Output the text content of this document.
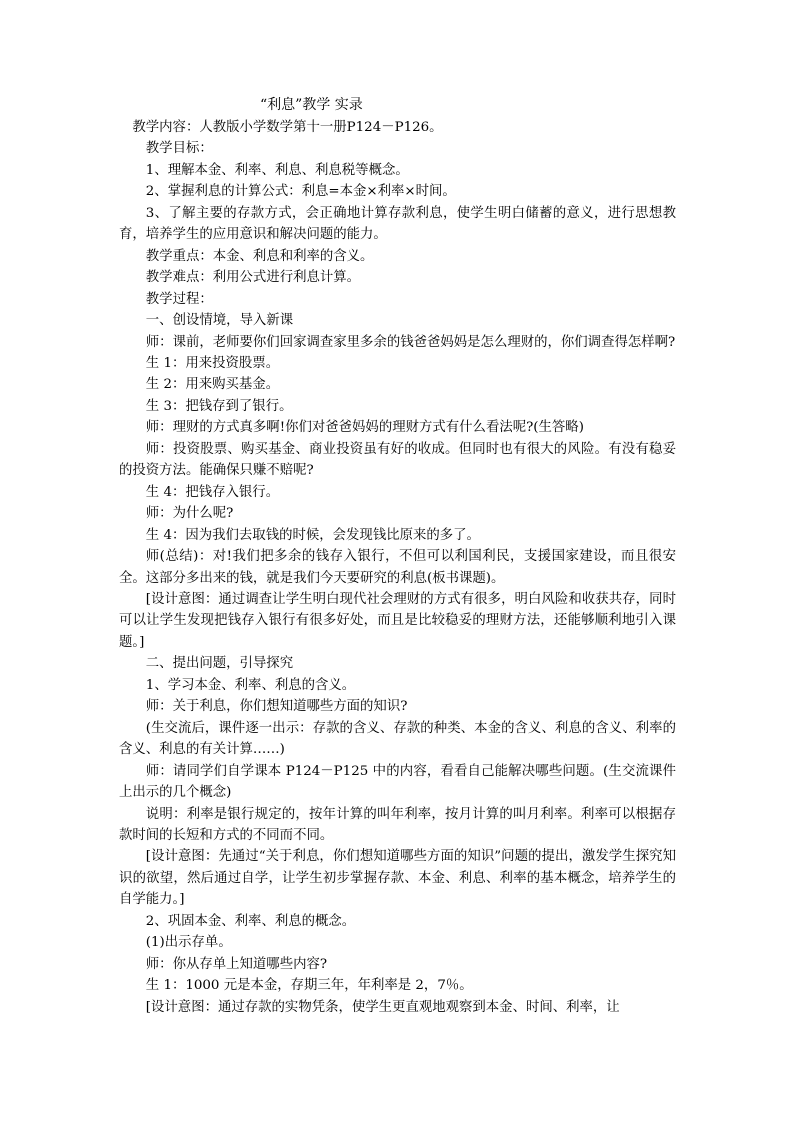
“利息”教学 实录

教学内容：人教版小学数学第十一册P124－P126。

教学目标：

1、理解本金、利率、利息、利息税等概念。

2、掌握利息的计算公式：利息=本金×利率×时间。

3、了解主要的存款方式，会正确地计算存款利息，使学生明白储蓄的意义，进行思想教育，培养学生的应用意识和解决问题的能力。

教学重点：本金、利息和利率的含义。

教学难点：利用公式进行利息计算。

教学过程：

一、创设情境，导入新课

师：课前，老师要你们回家调查家里多余的钱爸爸妈妈是怎么理财的，你们调查得怎样啊?

生 1：用来投资股票。

生 2：用来购买基金。

生 3：把钱存到了银行。

师：理财的方式真多啊!你们对爸爸妈妈的理财方式有什么看法呢?(生答略)

师：投资股票、购买基金、商业投资虽有好的收成。但同时也有很大的风险。有没有稳妥的投资方法。能确保只赚不赔呢?

生 4：把钱存入银行。

师：为什么呢?

生 4：因为我们去取钱的时候，会发现钱比原来的多了。

师(总结)：对!我们把多余的钱存入银行，不但可以利国利民，支援国家建设，而且很安全。这部分多出来的钱，就是我们今天要研究的利息(板书课题)。

[设计意图：通过调查让学生明白现代社会理财的方式有很多，明白风险和收获共存，同时可以让学生发现把钱存入银行有很多好处，而且是比较稳妥的理财方法，还能够顺利地引入课题。]

二、提出问题，引导探究

1、学习本金、利率、利息的含义。

师：关于利息，你们想知道哪些方面的知识?

(生交流后，课件逐一出示：存款的含义、存款的种类、本金的含义、利息的含义、利率的含义、利息的有关计算……)

师：请同学们自学课本 P124－P125 中的内容，看看自己能解决哪些问题。(生交流课件上出示的几个概念)

说明：利率是银行规定的，按年计算的叫年利率，按月计算的叫月利率。利率可以根据存款时间的长短和方式的不同而不同。

[设计意图：先通过“关于利息，你们想知道哪些方面的知识”问题的提出，激发学生探究知识的欲望，然后通过自学，让学生初步掌握存款、本金、利息、利率的基本概念，培养学生的自学能力。]

2、巩固本金、利率、利息的概念。

(1)出示存单。

师：你从存单上知道哪些内容?

生 1：1000 元是本金，存期三年，年利率是 2，7％。

[设计意图：通过存款的实物凭条，使学生更直观地观察到本金、时间、利率，让
